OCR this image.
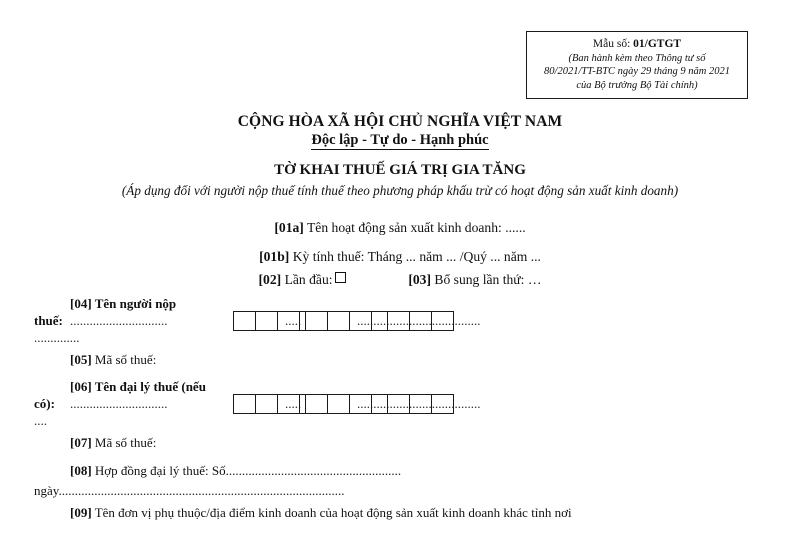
Mẫu số: 01/GTGT
(Ban hành kèm theo Thông tư số
80/2021/TT-BTC ngày 29 tháng 9 năm 2021
của Bộ trưởng Bộ Tài chính)
CỘNG HÒA XÃ HỘI CHỦ NGHĨA VIỆT NAM
Độc lập - Tự do - Hạnh phúc
TỜ KHAI THUẾ GIÁ TRỊ GIA TĂNG
(Áp dụng đối với người nộp thuế tính thuế theo phương pháp khấu trừ có hoạt động sản xuất kinh doanh)
[01a] Tên hoạt động sản xuất kinh doanh: ......
[01b] Kỳ tính thuế: Tháng ... năm ... /Quý ... năm ...
[02] Lần đầu:	[03] Bổ sung lần thứ: …
[04] Tên người nộp
thuế: ..............................	.....	......................................
..............
[05] Mã số thuế:
[06] Tên đại lý thuế (nếu
có): ..............................	.....	......................................
....
[07] Mã số thuế:
[08] Hợp đồng đại lý thuế: Số......................................................
ngày........................................................................................
[09] Tên đơn vị phụ thuộc/địa điểm kinh doanh của hoạt động sản xuất kinh doanh khác tỉnh nơi
